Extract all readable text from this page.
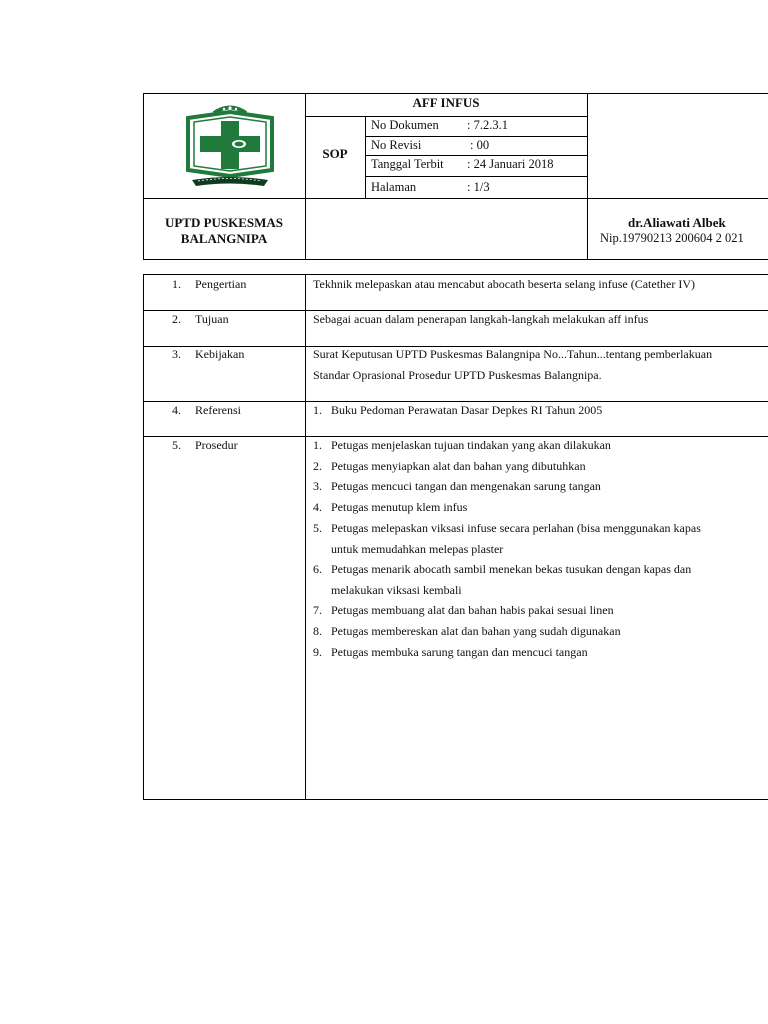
AFF INFUS
SOP
No Dokumen : 7.2.3.1
No Revisi	: 00
Tanggal Terbit : 24 Januari 2018
Halaman	: 1/3
UPTD PUSKESMAS
BALANGNIPA
dr.Aliawati Albek
Nip.19790213 200604 2 021
1. Pengertian	Tekhnik melepaskan atau mencabut abocath beserta selang infuse (Catether IV)
2. Tujuan	Sebagai acuan dalam penerapan langkah-langkah melakukan aff infus
3. Kebijakan	Surat Keputusan UPTD Puskesmas Balangnipa No...Tahun...tentang pemberlakuan
Standar Oprasional Prosedur UPTD Puskesmas Balangnipa.
4. Referensi	1. Buku Pedoman Perawatan Dasar Depkes RI Tahun 2005
5. Prosedur	1. Petugas menjelaskan tujuan tindakan yang akan dilakukan
2. Petugas menyiapkan alat dan bahan yang dibutuhkan
3. Petugas mencuci tangan dan mengenakan sarung tangan
4. Petugas menutup klem infus
5. Petugas melepaskan viksasi infuse secara perlahan (bisa menggunakan kapas
untuk memudahkan melepas plaster
6. Petugas menarik abocath sambil menekan bekas tusukan dengan kapas dan
melakukan viksasi kembali
7. Petugas membuang alat dan bahan habis pakai sesuai linen
8. Petugas membereskan alat dan bahan yang sudah digunakan
9. Petugas membuka sarung tangan dan mencuci tangan
